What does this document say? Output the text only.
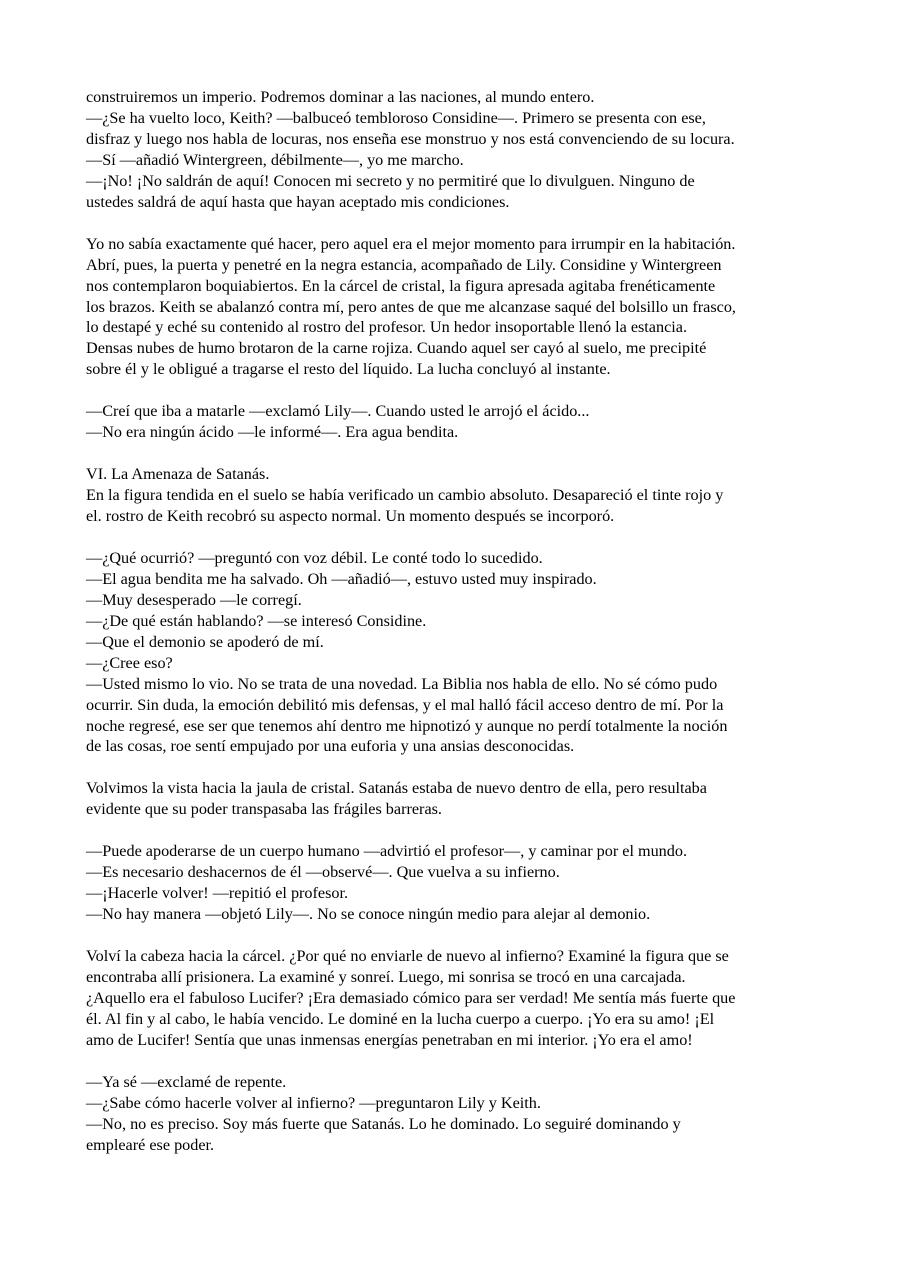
construiremos un imperio. Podremos dominar a las naciones, al mundo entero.
—¿Se ha vuelto loco, Keith? —balbuceó tembloroso Considine—. Primero se presenta con ese,
disfraz y luego nos habla de locuras, nos enseña ese monstruo y nos está convenciendo de su locura.
—Sí —añadió Wintergreen, débilmente—, yo me marcho.
—¡No! ¡No saldrán de aquí! Conocen mi secreto y no permitiré que lo divulguen. Ninguno de
ustedes saldrá de aquí hasta que hayan aceptado mis condiciones.
Yo no sabía exactamente qué hacer, pero aquel era el mejor momento para irrumpir en la habitación.
Abrí, pues, la puerta y penetré en la negra estancia, acompañado de Lily. Considine y Wintergreen
nos contemplaron boquiabiertos. En la cárcel de cristal, la figura apresada agitaba frenéticamente
los brazos. Keith se abalanzó contra mí, pero antes de que me alcanzase saqué del bolsillo un frasco,
lo destapé y eché su contenido al rostro del profesor. Un hedor insoportable llenó la estancia.
Densas nubes de humo brotaron de la carne rojiza. Cuando aquel ser cayó al suelo, me precipité
sobre él y le obligué a tragarse el resto del líquido. La lucha concluyó al instante.
—Creí que iba a matarle —exclamó Lily—. Cuando usted le arrojó el ácido...
—No era ningún ácido —le informé—. Era agua bendita.
VI. La Amenaza de Satanás.
En la figura tendida en el suelo se había verificado un cambio absoluto. Desapareció el tinte rojo y
el. rostro de Keith recobró su aspecto normal. Un momento después se incorporó.
—¿Qué ocurrió? —preguntó con voz débil. Le conté todo lo sucedido.
—El agua bendita me ha salvado. Oh —añadió—, estuvo usted muy inspirado.
—Muy desesperado —le corregí.
—¿De qué están hablando? —se interesó Considine.
—Que el demonio se apoderó de mí.
—¿Cree eso?
—Usted mismo lo vio. No se trata de una novedad. La Biblia nos habla de ello. No sé cómo pudo
ocurrir. Sin duda, la emoción debilitó mis defensas, y el mal halló fácil acceso dentro de mí. Por la
noche regresé, ese ser que tenemos ahí dentro me hipnotizó y aunque no perdí totalmente la noción
de las cosas, roe sentí empujado por una euforia y una ansias desconocidas.
Volvimos la vista hacia la jaula de cristal. Satanás estaba de nuevo dentro de ella, pero resultaba
evidente que su poder transpasaba las frágiles barreras.
—Puede apoderarse de un cuerpo humano —advirtió el profesor—, y caminar por el mundo.
—Es necesario deshacernos de él —observé—. Que vuelva a su infierno.
—¡Hacerle volver! —repitió el profesor.
—No hay manera —objetó Lily—. No se conoce ningún medio para alejar al demonio.
Volví la cabeza hacia la cárcel. ¿Por qué no enviarle de nuevo al infierno? Examiné la figura que se
encontraba allí prisionera. La examiné y sonreí. Luego, mi sonrisa se trocó en una carcajada.
¿Aquello era el fabuloso Lucifer? ¡Era demasiado cómico para ser verdad! Me sentía más fuerte que
él. Al fin y al cabo, le había vencido. Le dominé en la lucha cuerpo a cuerpo. ¡Yo era su amo! ¡El
amo de Lucifer! Sentía que unas inmensas energías penetraban en mi interior. ¡Yo era el amo!
—Ya sé —exclamé de repente.
—¿Sabe cómo hacerle volver al infierno? —preguntaron Lily y Keith.
—No, no es preciso. Soy más fuerte que Satanás. Lo he dominado. Lo seguiré dominando y
emplearé ese poder.
